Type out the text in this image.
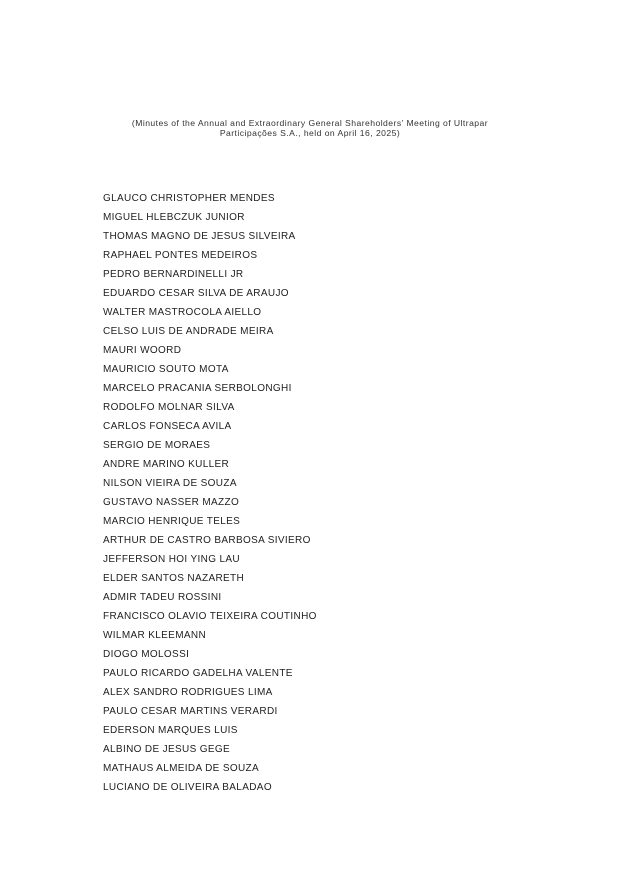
(Minutes of the Annual and Extraordinary General Shareholders’ Meeting of Ultrapar
Participações S.A., held on April 16, 2025)
GLAUCO CHRISTOPHER MENDES
MIGUEL HLEBCZUK JUNIOR
THOMAS MAGNO DE JESUS SILVEIRA
RAPHAEL PONTES MEDEIROS
PEDRO BERNARDINELLI JR
EDUARDO CESAR SILVA DE ARAUJO
WALTER MASTROCOLA AIELLO
CELSO LUIS DE ANDRADE MEIRA
MAURI WOORD
MAURICIO SOUTO MOTA
MARCELO PRACANIA SERBOLONGHI
RODOLFO MOLNAR SILVA
CARLOS FONSECA AVILA
SERGIO DE MORAES
ANDRE MARINO KULLER
NILSON VIEIRA DE SOUZA
GUSTAVO NASSER MAZZO
MARCIO HENRIQUE TELES
ARTHUR DE CASTRO BARBOSA SIVIERO
JEFFERSON HOI YING LAU
ELDER SANTOS NAZARETH
ADMIR TADEU ROSSINI
FRANCISCO OLAVIO TEIXEIRA COUTINHO
WILMAR KLEEMANN
DIOGO MOLOSSI
PAULO RICARDO GADELHA VALENTE
ALEX SANDRO RODRIGUES LIMA
PAULO CESAR MARTINS VERARDI
EDERSON MARQUES LUIS
ALBINO DE JESUS GEGE
MATHAUS ALMEIDA DE SOUZA
LUCIANO DE OLIVEIRA BALADAO
